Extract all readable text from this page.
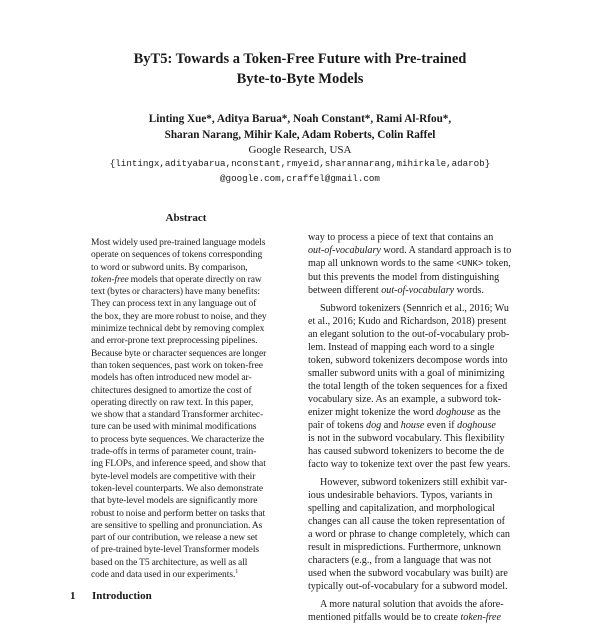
ByT5: Towards a Token-Free Future with Pre-trained
Byte-to-Byte Models
Linting Xue*, Aditya Barua*, Noah Constant*, Rami Al-Rfou*,
Sharan Narang, Mihir Kale, Adam Roberts, Colin Raffel
Google Research, USA
{lintingx,adityabarua,nconstant,rmyeid,sharannarang,mihirkale,adarob}
@google.com,craffel@gmail.com
Abstract
Most widely used pre-trained language models
operate on sequences of tokens corresponding
to word or subword units. By comparison,
token-free models that operate directly on raw
text (bytes or characters) have many benefits:
They can process text in any language out of
the box, they are more robust to noise, and they
minimize technical debt by removing complex
and error-prone text preprocessing pipelines.
Because byte or character sequences are longer
than token sequences, past work on token-free
models has often introduced new model ar-
chitectures designed to amortize the cost of
operating directly on raw text. In this paper,
we show that a standard Transformer architec-
ture can be used with minimal modifications
to process byte sequences. We characterize the
trade-offs in terms of parameter count, train-
ing FLOPs, and inference speed, and show that
byte-level models are competitive with their
token-level counterparts. We also demonstrate
that byte-level models are significantly more
robust to noise and perform better on tasks that
are sensitive to spelling and pronunciation. As
part of our contribution, we release a new set
of pre-trained byte-level Transformer models
based on the T5 architecture, as well as all
code and data used in our experiments.$^1$
1 Introduction
way to process a piece of text that contains an
out-of-vocabulary word. A standard approach is to
map all unknown words to the same <UNK> token,
but this prevents the model from distinguishing
between different out-of-vocabulary words.
Subword tokenizers (Sennrich et al., 2016; Wu
et al., 2016; Kudo and Richardson, 2018) present
an elegant solution to the out-of-vocabulary prob-
lem. Instead of mapping each word to a single
token, subword tokenizers decompose words into
smaller subword units with a goal of minimizing
the total length of the token sequences for a fixed
vocabulary size. As an example, a subword tok-
enizer might tokenize the word doghouse as the
pair of tokens dog and house even if doghouse
is not in the subword vocabulary. This flexibility
has caused subword tokenizers to become the de
facto way to tokenize text over the past few years.
However, subword tokenizers still exhibit var-
ious undesirable behaviors. Typos, variants in
spelling and capitalization, and morphological
changes can all cause the token representation of
a word or phrase to change completely, which can
result in mispredictions. Furthermore, unknown
characters (e.g., from a language that was not
used when the subword vocabulary was built) are
typically out-of-vocabulary for a subword model.
A more natural solution that avoids the afore-
mentioned pitfalls would be to create token-free
